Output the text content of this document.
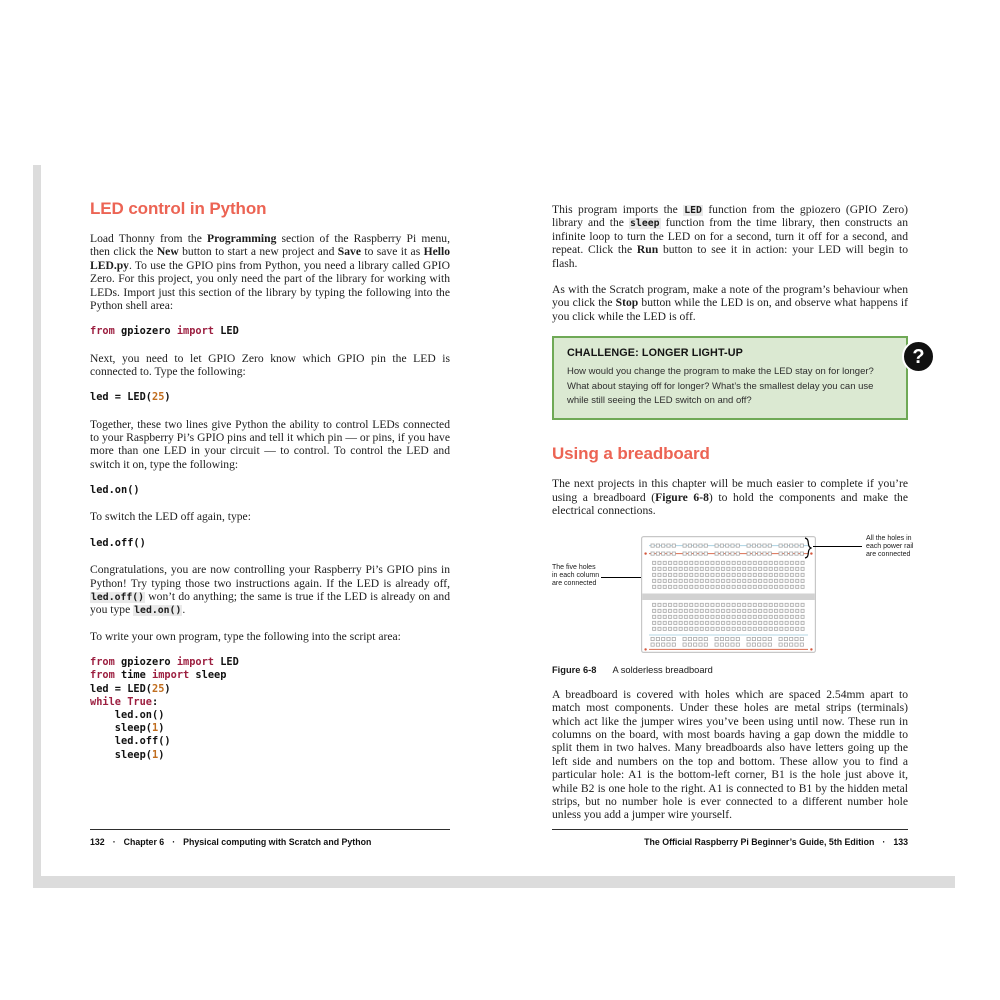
LED control in Python

Load Thonny from the Programming section of the Raspberry Pi menu, then click the New button to start a new project and Save to save it as Hello LED.py. To use the GPIO pins from Python, you need a library called GPIO Zero. For this project, you only need the part of the library for working with LEDs. Import just this section of the library by typing the following into the Python shell area:

from gpiozero import LED

Next, you need to let GPIO Zero know which GPIO pin the LED is connected to. Type the following:

led = LED(25)

Together, these two lines give Python the ability to control LEDs connected to your Raspberry Pi’s GPIO pins and tell it which pin — or pins, if you have more than one LED in your circuit — to control. To control the LED and switch it on, type the following:

led.on()

To switch the LED off again, type:

led.off()

Congratulations, you are now controlling your Raspberry Pi’s GPIO pins in Python! Try typing those two instructions again. If the LED is already off, led.off() won’t do anything; the same is true if the LED is already on and you type led.on().

To write your own program, type the following into the script area:

from gpiozero import LED
from time import sleep
led = LED(25)
while True:
led.on()
sleep(1)
led.off()
sleep(1)

This program imports the LED function from the gpiozero (GPIO Zero) library and the sleep function from the time library, then constructs an infinite loop to turn the LED on for a second, turn it off for a second, and repeat. Click the Run button to see it in action: your LED will begin to flash.

As with the Scratch program, make a note of the program’s behaviour when you click the Stop button while the LED is on, and observe what happens if you click while the LED is off.

?
CHALLENGE: LONGER LIGHT-UP

How would you change the program to make the LED stay on for longer? What about staying off for longer? What’s the smallest delay you can use while still seeing the LED switch on and off?

Using a breadboard

The next projects in this chapter will be much easier to complete if you’re using a breadboard (Figure 6-8) to hold the components and make the electrical connections.

The five holes
in each column
are connected
All the holes in
each power rail
are connected
Figure 6-8 A solderless breadboard

A breadboard is covered with holes which are spaced 2.54mm apart to match most components. Under these holes are metal strips (terminals) which act like the jumper wires you’ve been using until now. These run in columns on the board, with most boards having a gap down the middle to split them in two halves. Many breadboards also have letters going up the left side and numbers on the top and bottom. These allow you to find a particular hole: A1 is the bottom-left corner, B1 is the hole just above it, while B2 is one hole to the right. A1 is connected to B1 by the hidden metal strips, but no number hole is ever connected to a different number hole unless you add a jumper wire yourself.

132 · Chapter 6 · Physical computing with Scratch and Python	The Official Raspberry Pi Beginner’s Guide, 5th Edition · 133
